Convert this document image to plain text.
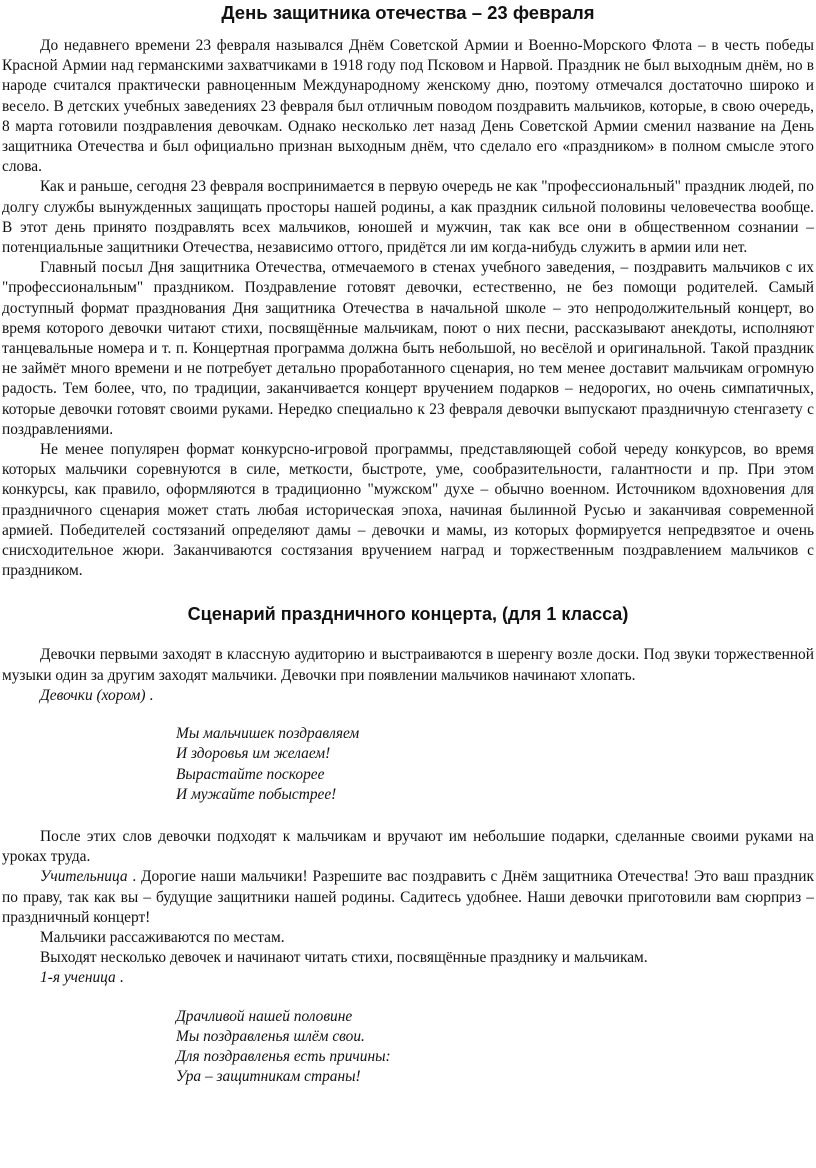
День защитника отечества – 23 февраля

До недавнего времени 23 февраля назывался Днём Советской Армии и Военно-Морского Флота – в честь победы Красной Армии над германскими захватчиками в 1918 году под Псковом и Нарвой. Праздник не был выходным днём, но в народе считался практически равноценным Международному женскому дню, поэтому отмечался достаточно широко и весело. В детских учебных заведениях 23 февраля был отличным поводом поздравить мальчиков, которые, в свою очередь, 8 марта готовили поздравления девочкам. Однако несколько лет назад День Советской Армии сменил название на День защитника Отечества и был официально признан выходным днём, что сделало его «праздником» в полном смысле этого слова.

Как и раньше, сегодня 23 февраля воспринимается в первую очередь не как "профессиональный" праздник людей, по долгу службы вынужденных защищать просторы нашей родины, а как праздник сильной половины человечества вообще. В этот день принято поздравлять всех мальчиков, юношей и мужчин, так как все они в общественном сознании – потенциальные защитники Отечества, независимо оттого, придётся ли им когда-нибудь служить в армии или нет.

Главный посыл Дня защитника Отечества, отмечаемого в стенах учебного заведения, – поздравить мальчиков с их "профессиональным" праздником. Поздравление готовят девочки, естественно, не без помощи родителей. Самый доступный формат празднования Дня защитника Отечества в начальной школе – это непродолжительный концерт, во время которого девочки читают стихи, посвящённые мальчикам, поют о них песни, рассказывают анекдоты, исполняют танцевальные номера и т. п. Концертная программа должна быть небольшой, но весёлой и оригинальной. Такой праздник не займёт много времени и не потребует детально проработанного сценария, но тем менее доставит мальчикам огромную радость. Тем более, что, по традиции, заканчивается концерт вручением подарков – недорогих, но очень симпатичных, которые девочки готовят своими руками. Нередко специально к 23 февраля девочки выпускают праздничную стенгазету с поздравлениями.

Не менее популярен формат конкурсно-игровой программы, представляющей собой череду конкурсов, во время которых мальчики соревнуются в силе, меткости, быстроте, уме, сообразительности, галантности и пр. При этом конкурсы, как правило, оформляются в традиционно "мужском" духе – обычно военном. Источником вдохновения для праздничного сценария может стать любая историческая эпоха, начиная былинной Русью и заканчивая современной армией. Победителей состязаний определяют дамы – девочки и мамы, из которых формируется непредвзятое и очень снисходительное жюри. Заканчиваются состязания вручением наград и торжественным поздравлением мальчиков с праздником.

Сценарий праздничного концерта, (для 1 класса)

Девочки первыми заходят в классную аудиторию и выстраиваются в шеренгу возле доски. Под звуки торжественной музыки один за другим заходят мальчики. Девочки при появлении мальчиков начинают хлопать.

Девочки (хором) .

Мы мальчишек поздравляем
И здоровья им желаем!
Вырастайте поскорее
И мужайте побыстрее!

После этих слов девочки подходят к мальчикам и вручают им небольшие подарки, сделанные своими руками на уроках труда.

Учительница . Дорогие наши мальчики! Разрешите вас поздравить с Днём защитника Отечества! Это ваш праздник по праву, так как вы – будущие защитники нашей родины. Садитесь удобнее. Наши девочки приготовили вам сюрприз – праздничный концерт!

Мальчики рассаживаются по местам.

Выходят несколько девочек и начинают читать стихи, посвящённые празднику и мальчикам.

1-я ученица .

Драчливой нашей половине
Мы поздравленья шлём свои.
Для поздравленья есть причины:
Ура – защитникам страны!
